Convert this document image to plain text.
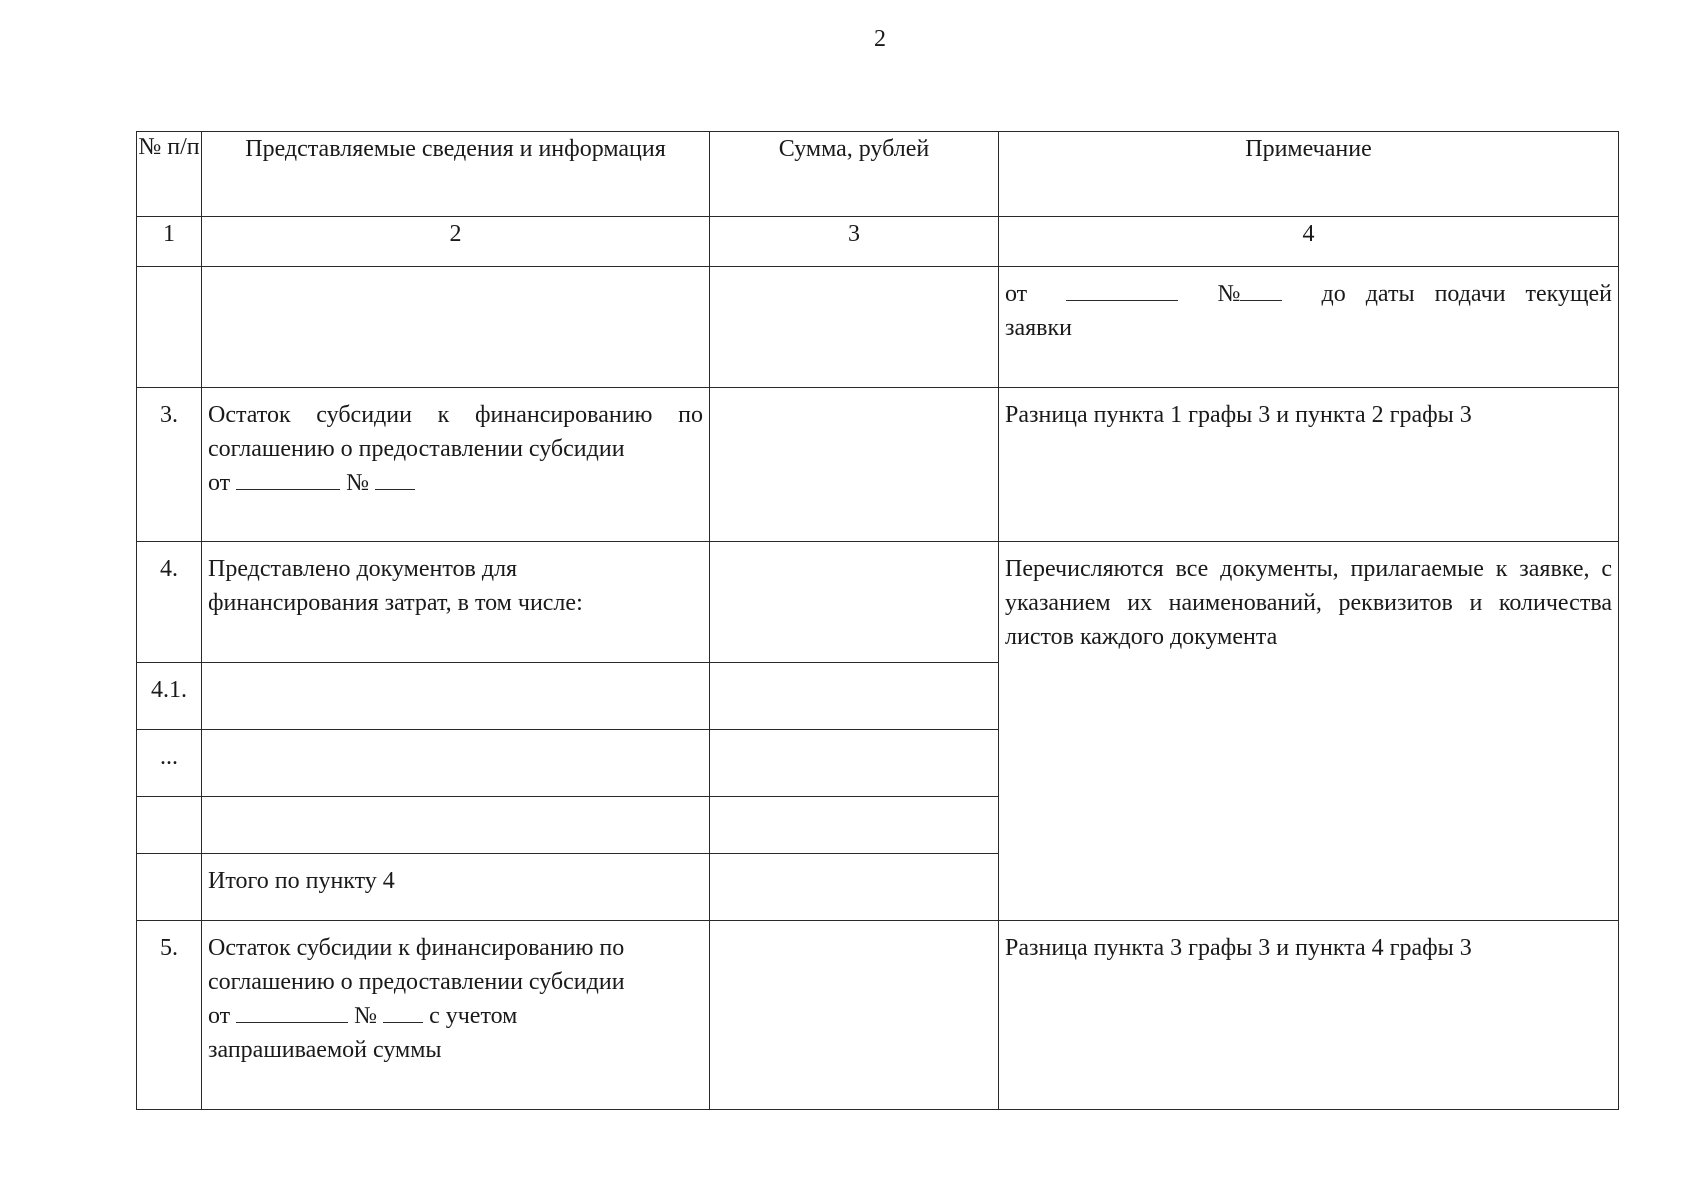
2
№ п/п	Представляемые сведения и информация	Сумма, рублей	Примечание
1	2	3	4

			от № до даты подачи текущей
заявки

3.	Остаток субсидии к финансированию по соглашению о предоставлении субсидии
от №		Разница пункта 1 графы 3 и пункта 2 графы 3
4.	Представлено документов для финансирования затрат, в том числе:		Перечисляются все документы, прилагаемые к заявке, с указанием их наименований, реквизитов и количества листов каждого документа
4.1.			
...			

	Итого по пункту 4		
5.	Остаток субсидии к финансированию по соглашению о предоставлении субсидии
от № с учетом
запрашиваемой суммы		Разница пункта 3 графы 3 и пункта 4 графы 3
